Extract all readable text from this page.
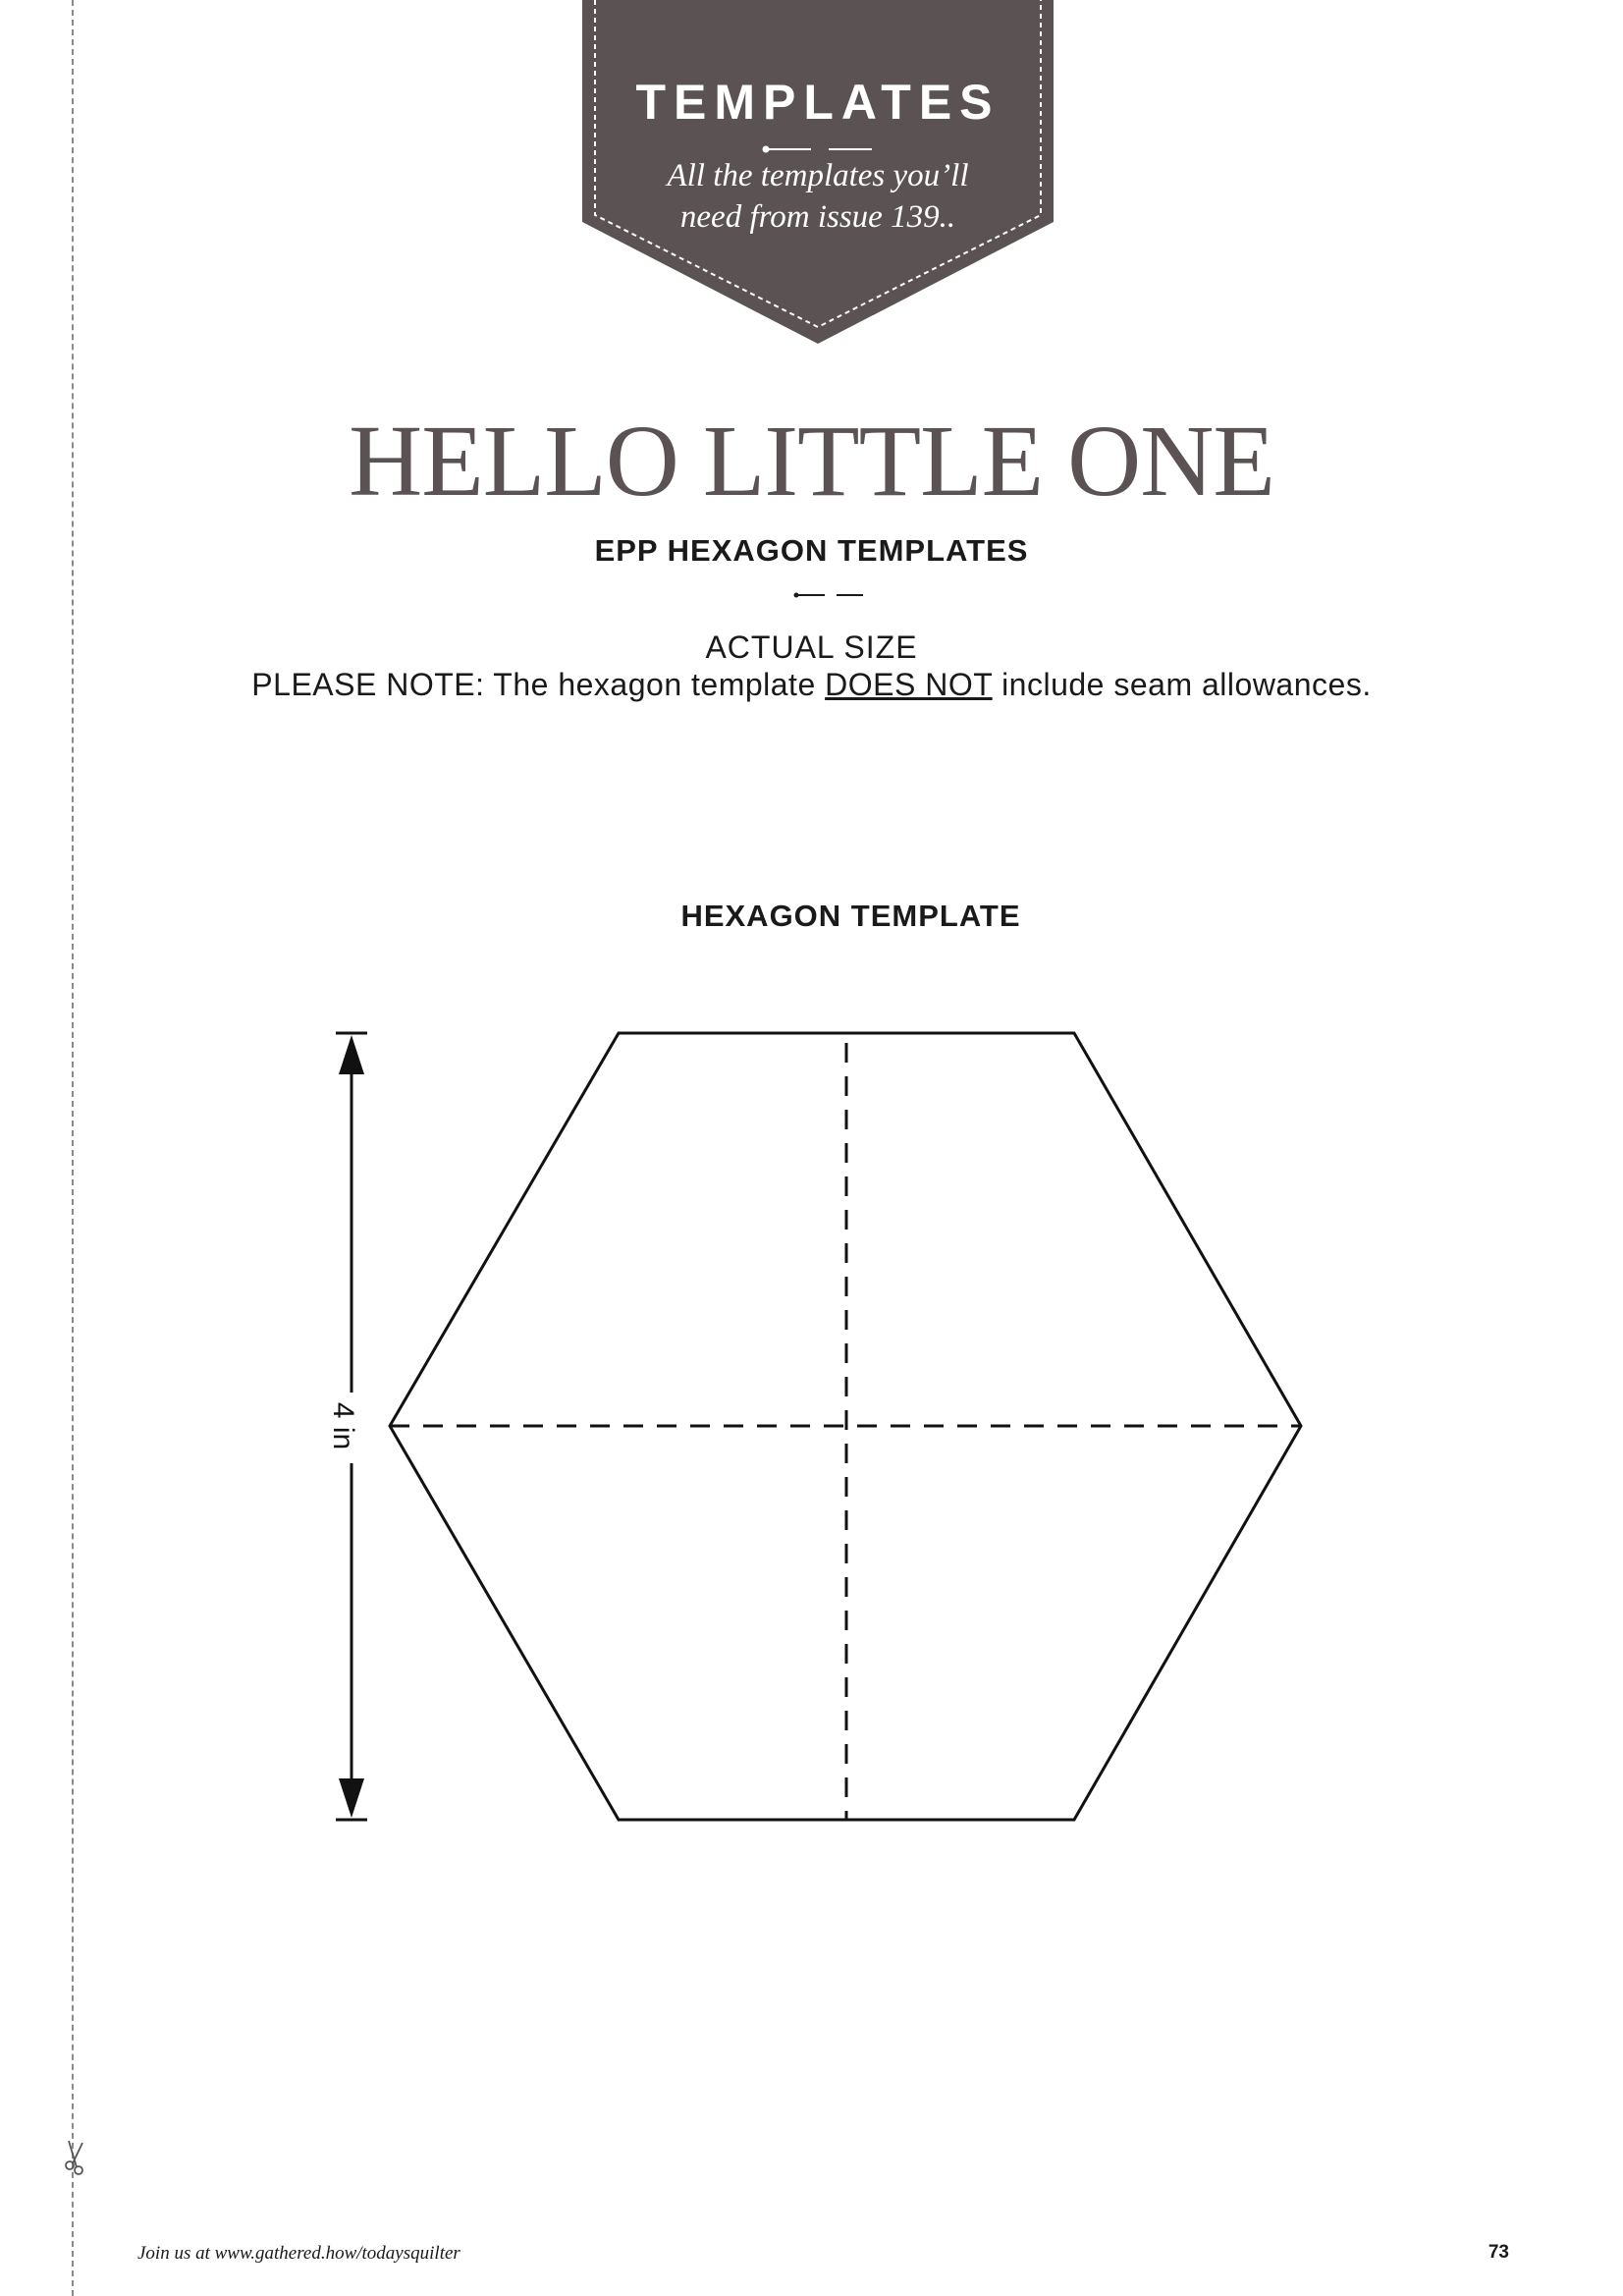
TEMPLATES
All the templates you’ll
need from issue 139..
HELLO LITTLE ONE
EPP HEXAGON TEMPLATES
ACTUAL SIZE
PLEASE NOTE: The hexagon template DOES NOT include seam allowances.
HEXAGON TEMPLATE
4 in
Join us at www.gathered.how/todaysquilter	73
